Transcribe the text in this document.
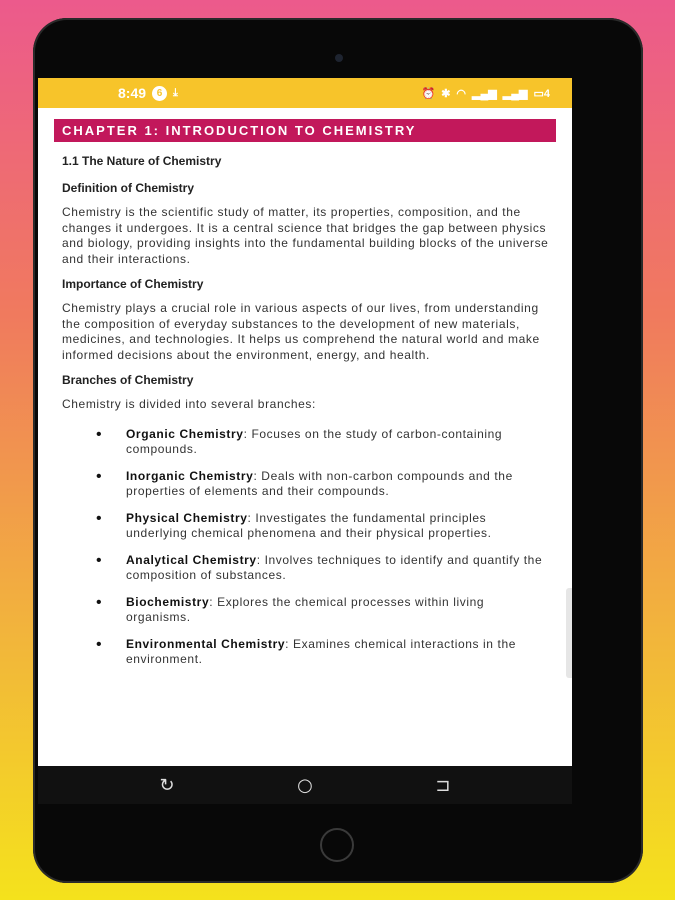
8:49	6 ⤓	⏰ ✱ ◠ ▂▄▆ ▂▄▆ ▭4
CHAPTER 1: INTRODUCTION TO CHEMISTRY
1.1 The Nature of Chemistry
Definition of Chemistry
Chemistry is the scientific study of matter, its properties, composition, and the changes it undergoes. It is a central science that bridges the gap between physics and biology, providing insights into the fundamental building blocks of the universe and their interactions.
Importance of Chemistry
Chemistry plays a crucial role in various aspects of our lives, from understanding the composition of everyday substances to the development of new materials, medicines, and technologies. It helps us comprehend the natural world and make informed decisions about the environment, energy, and health.
Branches of Chemistry
Chemistry is divided into several branches:
• Organic Chemistry: Focuses on the study of carbon-containing compounds.
• Inorganic Chemistry: Deals with non-carbon compounds and the properties of elements and their compounds.
• Physical Chemistry: Investigates the fundamental principles underlying chemical phenomena and their physical properties.
• Analytical Chemistry: Involves techniques to identify and quantify the composition of substances.
• Biochemistry: Explores the chemical processes within living organisms.
• Environmental Chemistry: Examines chemical interactions in the environment.
↻	○	⊐
